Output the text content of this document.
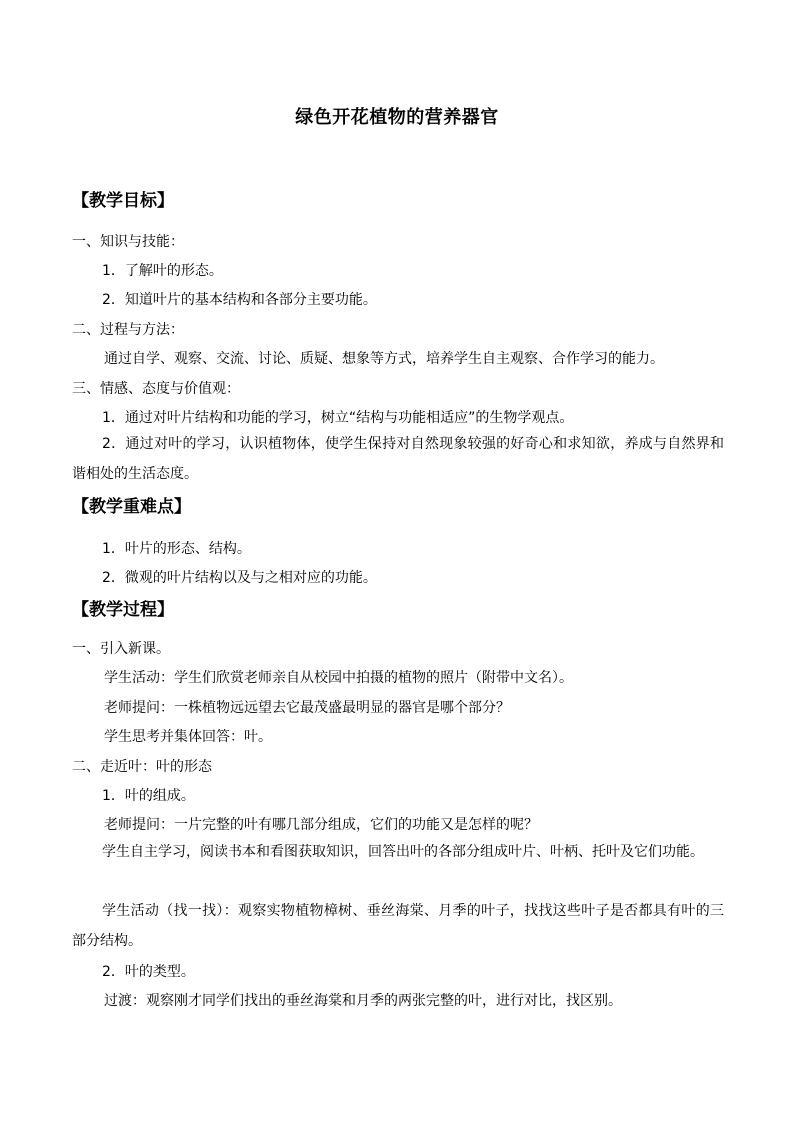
绿色开花植物的营养器官
【教学目标】
一、知识与技能：
1．了解叶的形态。
2．知道叶片的基本结构和各部分主要功能。
二、过程与方法：
通过自学、观察、交流、讨论、质疑、想象等方式，培养学生自主观察、合作学习的能力。
三、情感、态度与价值观：
1．通过对叶片结构和功能的学习，树立“结构与功能相适应”的生物学观点。
2．通过对叶的学习，认识植物体，使学生保持对自然现象较强的好奇心和求知欲，养成与自然界和谐相处的生活态度。
【教学重难点】
1．叶片的形态、结构。
2．微观的叶片结构以及与之相对应的功能。
【教学过程】
一、引入新课。
学生活动：学生们欣赏老师亲自从校园中拍摄的植物的照片（附带中文名）。
老师提问：一株植物远远望去它最茂盛最明显的器官是哪个部分？
学生思考并集体回答：叶。
二、走近叶：叶的形态
1．叶的组成。
老师提问：一片完整的叶有哪几部分组成，它们的功能又是怎样的呢？
学生自主学习，阅读书本和看图获取知识，回答出叶的各部分组成叶片、叶柄、托叶及它们功能。
学生活动（找一找）：观察实物植物樟树、垂丝海棠、月季的叶子，找找这些叶子是否都具有叶的三部分结构。
2．叶的类型。
过渡：观察刚才同学们找出的垂丝海棠和月季的两张完整的叶，进行对比，找区别。
